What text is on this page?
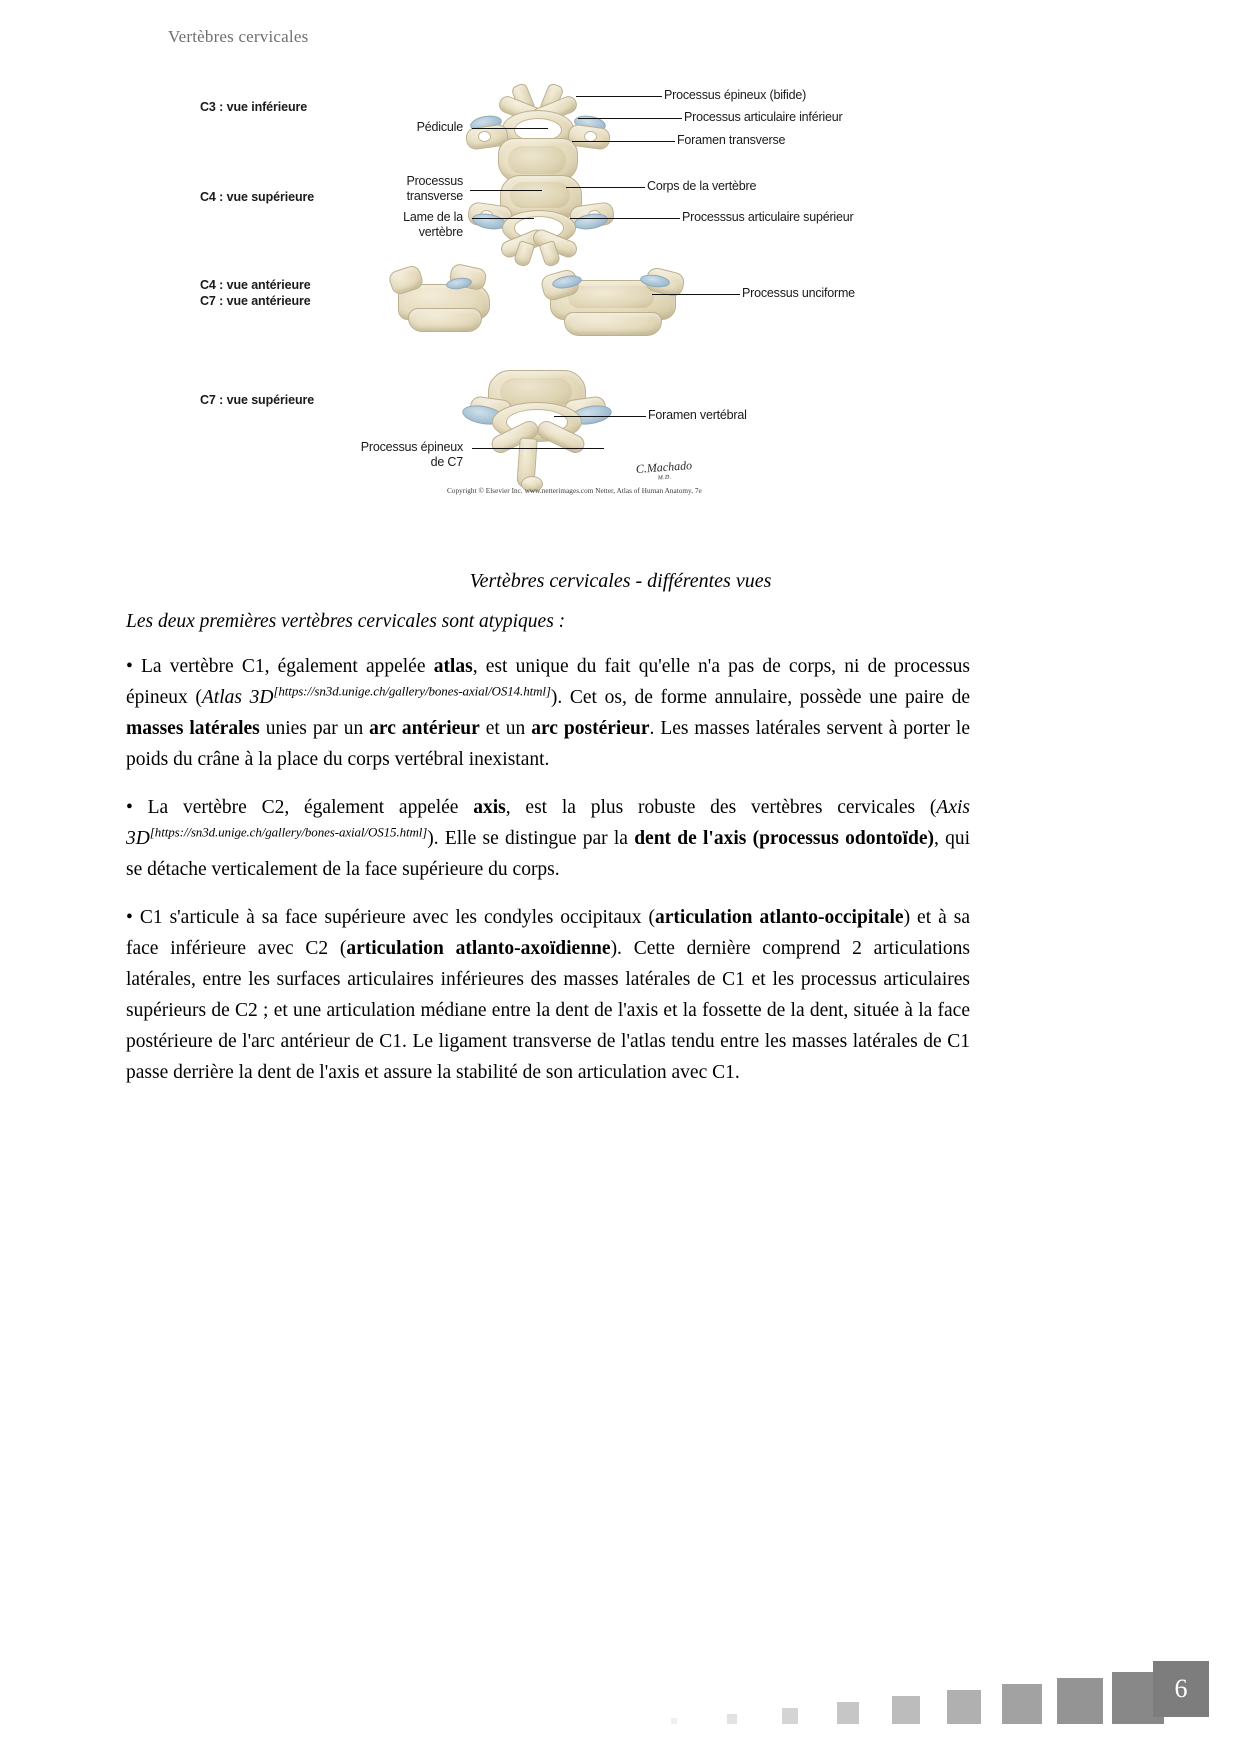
Vertèbres cervicales
Pédicule
Processus
transverse
Lame de la
vertèbre
Processus épineux
de C7
Processus épineux (bifide)
Processus articulaire inférieur
Foramen transverse
Corps de la vertèbre
Processsus articulaire supérieur
Processus unciforme
Foramen vertébral
C3 : vue inférieure
C4 : vue supérieure
C4 : vue antérieure
C7 : vue antérieure
C7 : vue supérieure
C.Machado
M.D.
Copyright © Elsevier Inc. www.netterimages.com Netter, Atlas of Human Anatomy, 7e
Vertèbres cervicales - différentes vues

Les deux premières vertèbres cervicales sont atypiques :

• La vertèbre C1, également appelée atlas, est unique du fait qu'elle n'a pas de corps, ni de processus épineux (Atlas 3D[https://sn3d.unige.ch/gallery/bones-axial/OS14.html]). Cet os, de forme annulaire, possède une paire de masses latérales unies par un arc antérieur et un arc postérieur. Les masses latérales servent à porter le poids du crâne à la place du corps vertébral inexistant.

• La vertèbre C2, également appelée axis, est la plus robuste des vertèbres cervicales (Axis 3D[https://sn3d.unige.ch/gallery/bones-axial/OS15.html]). Elle se distingue par la dent de l'axis (processus odontoïde), qui se détache verticalement de la face supérieure du corps.

• C1 s'articule à sa face supérieure avec les condyles occipitaux (articulation atlanto-occipitale) et à sa face inférieure avec C2 (articulation atlanto-axoïdienne). Cette dernière comprend 2 articulations latérales, entre les surfaces articulaires inférieures des masses latérales de C1 et les processus articulaires supérieurs de C2 ; et une articulation médiane entre la dent de l'axis et la fossette de la dent, située à la face postérieure de l'arc antérieur de C1. Le ligament transverse de l'atlas tendu entre les masses latérales de C1 passe derrière la dent de l'axis et assure la stabilité de son articulation avec C1.

6
